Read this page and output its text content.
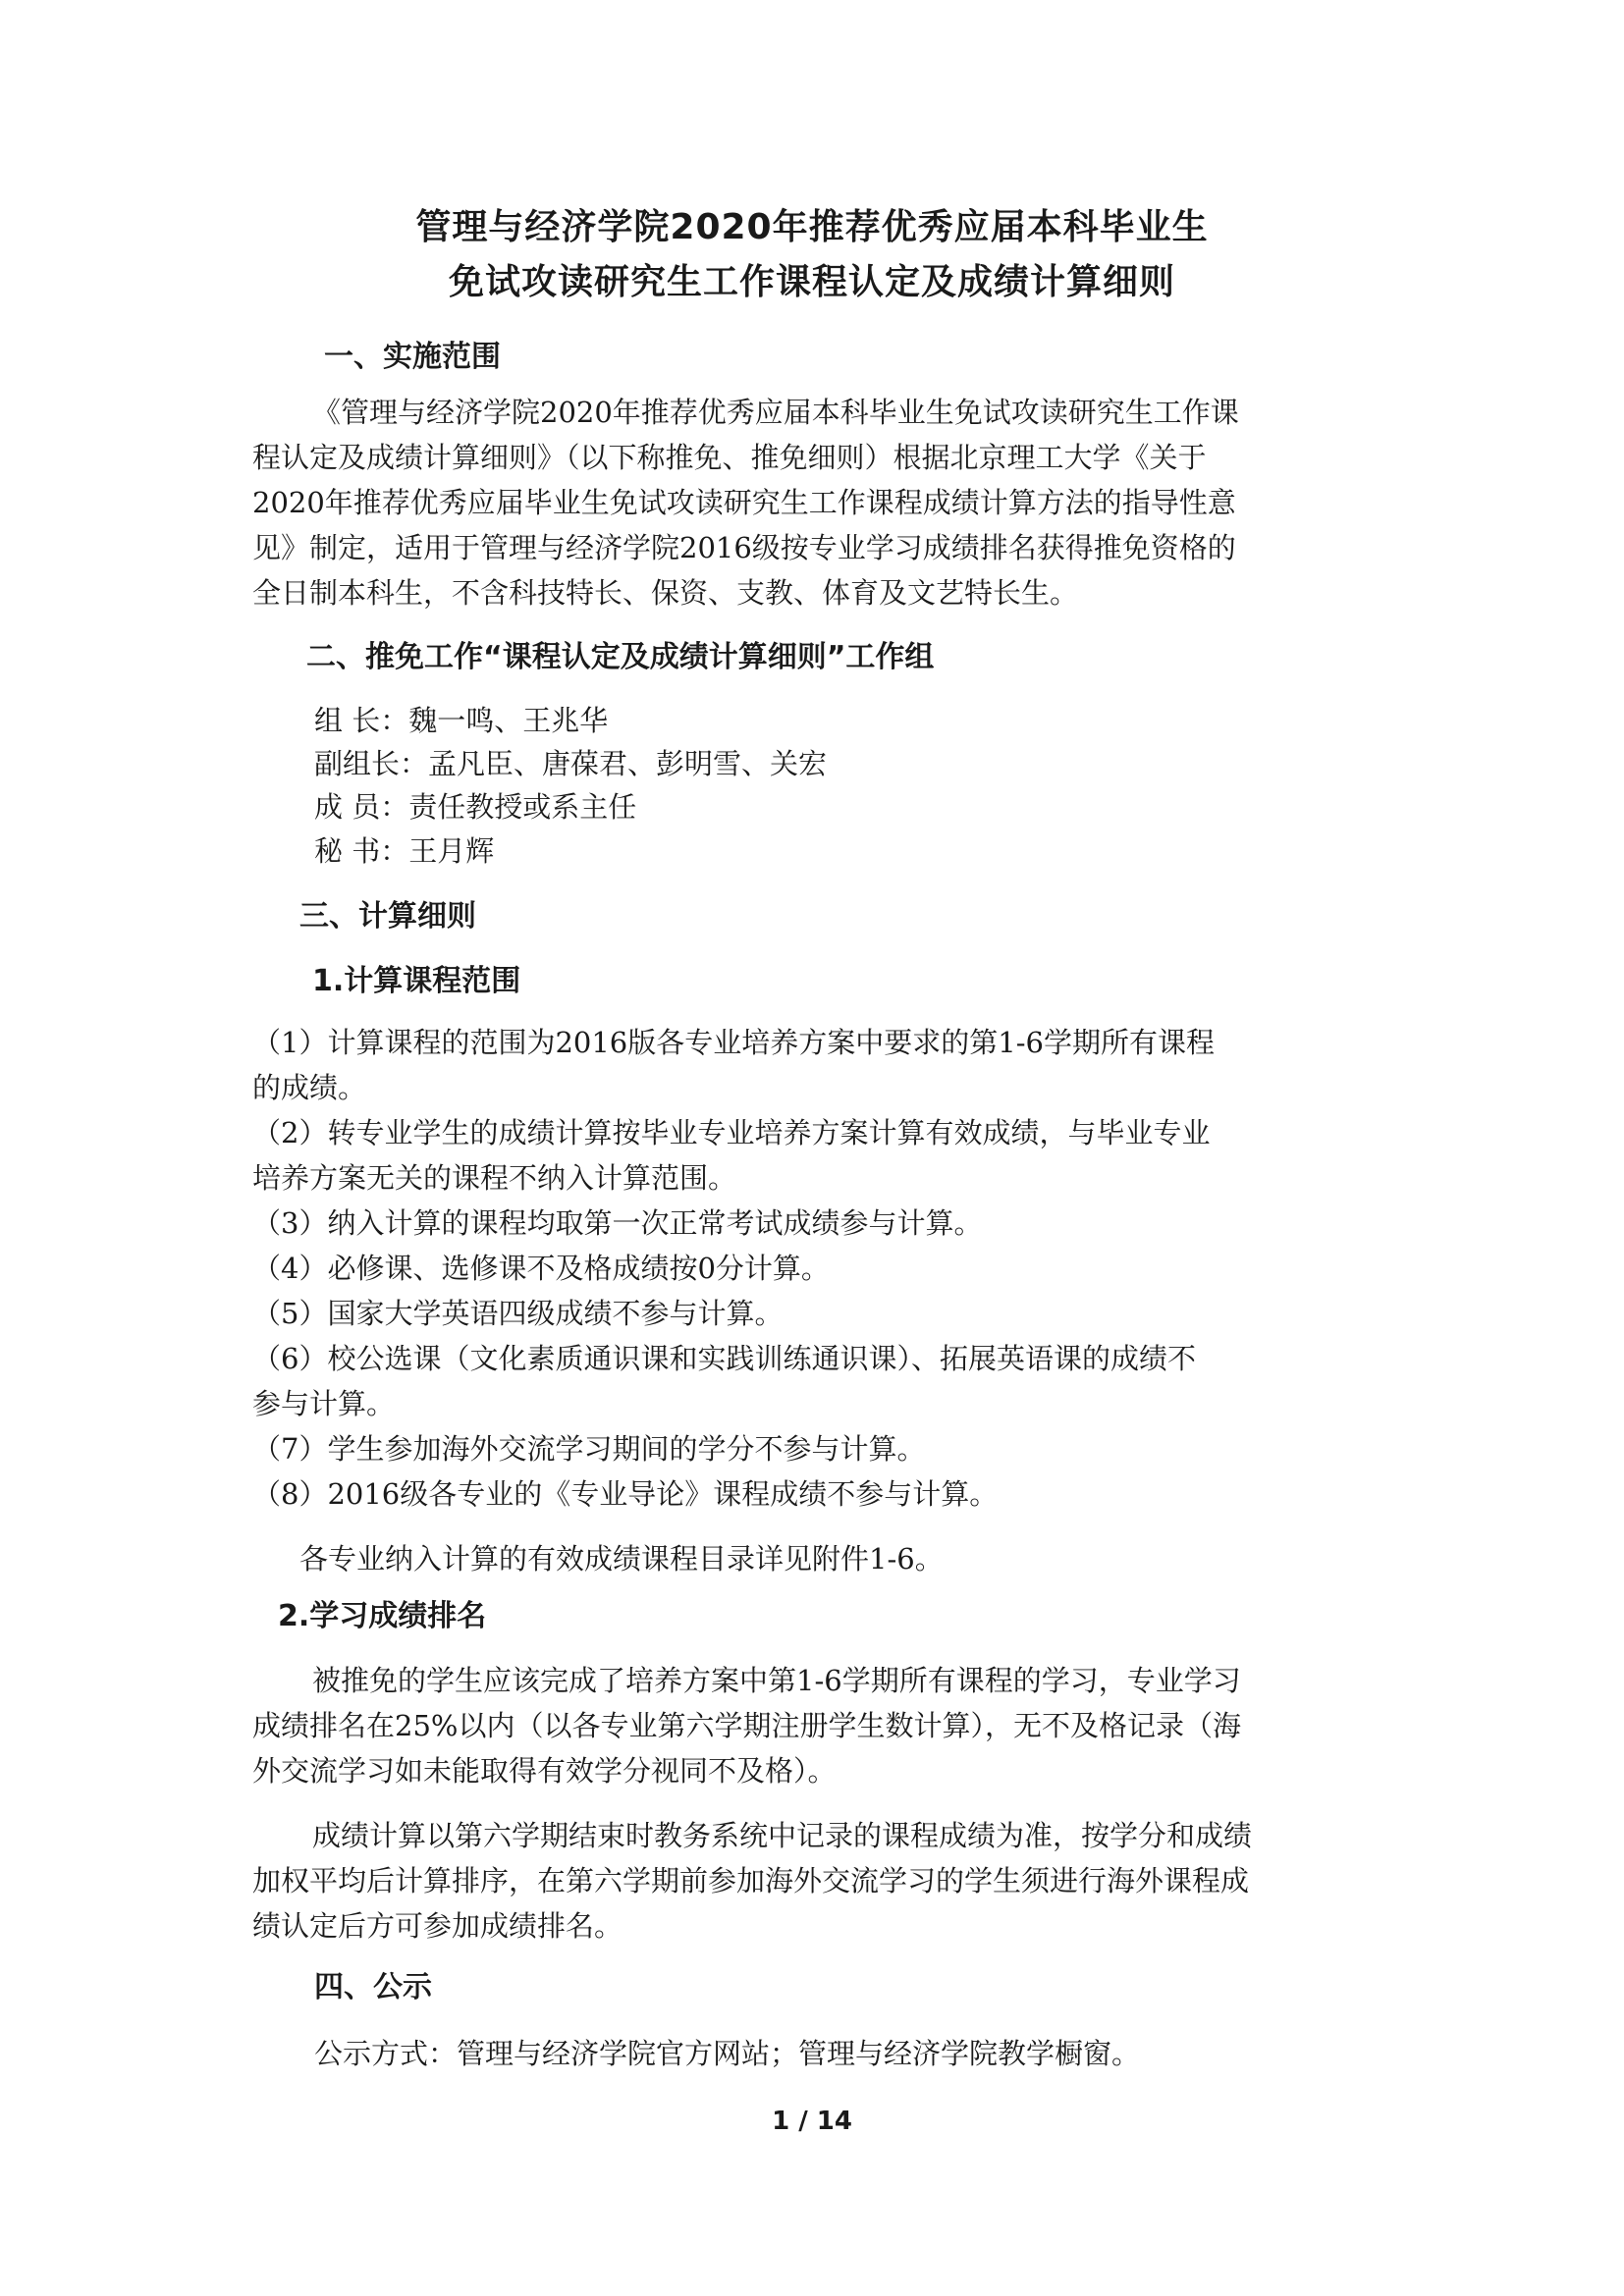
管理与经济学院2020年推荐优秀应届本科毕业生
免试攻读研究生工作课程认定及成绩计算细则
一、实施范围
《管理与经济学院2020年推荐优秀应届本科毕业生免试攻读研究生工作课
程认定及成绩计算细则》（以下称推免、推免细则）根据北京理工大学《关于
2020年推荐优秀应届毕业生免试攻读研究生工作课程成绩计算方法的指导性意
见》制定，适用于管理与经济学院2016级按专业学习成绩排名获得推免资格的
全日制本科生，不含科技特长、保资、支教、体育及文艺特长生。
二、推免工作“课程认定及成绩计算细则”工作组
组 长：魏一鸣、王兆华
副组长：孟凡臣、唐葆君、彭明雪、关宏
成 员：责任教授或系主任
秘 书：王月辉
三、计算细则
1.计算课程范围
（1）计算课程的范围为2016版各专业培养方案中要求的第1-6学期所有课程
的成绩。
（2）转专业学生的成绩计算按毕业专业培养方案计算有效成绩，与毕业专业
培养方案无关的课程不纳入计算范围。
（3）纳入计算的课程均取第一次正常考试成绩参与计算。
（4）必修课、选修课不及格成绩按0分计算。
（5）国家大学英语四级成绩不参与计算。
（6）校公选课（文化素质通识课和实践训练通识课）、拓展英语课的成绩不
参与计算。
（7）学生参加海外交流学习期间的学分不参与计算。
（8）2016级各专业的《专业导论》课程成绩不参与计算。
各专业纳入计算的有效成绩课程目录详见附件1-6。
2.学习成绩排名
被推免的学生应该完成了培养方案中第1-6学期所有课程的学习，专业学习
成绩排名在25%以内（以各专业第六学期注册学生数计算），无不及格记录（海
外交流学习如未能取得有效学分视同不及格）。
成绩计算以第六学期结束时教务系统中记录的课程成绩为准，按学分和成绩
加权平均后计算排序，在第六学期前参加海外交流学习的学生须进行海外课程成
绩认定后方可参加成绩排名。
四、公示
公示方式：管理与经济学院官方网站；管理与经济学院教学橱窗。
1 / 14
